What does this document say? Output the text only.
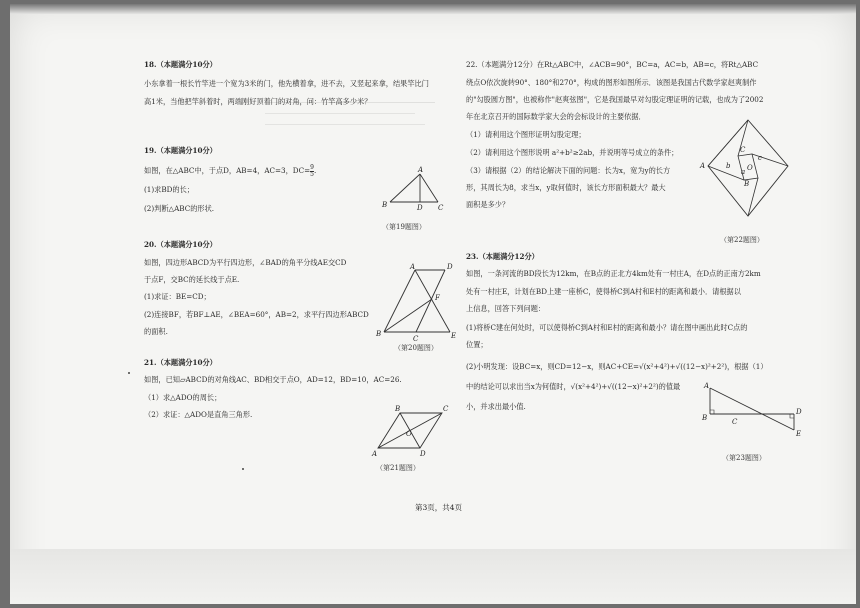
18.（本题满分10分）
小东拿着一根长竹竿进一个宽为3米的门，他先横着拿，进不去，又竖起来拿，结果竿比门
高1米，当他把竿斜着时，两端刚好顶着门的对角，问：竹竿高多少米？
19.（本题满分10分）
如图，在△ABC中，于点D，AB=4，AC=3，$DC= \frac{9}{5}$ .
(1)求BD的长；
(2)判断△ABC的形状.
A
B	D C
（第19题图）
20.（本题满分10分）
如图，四边形ABCD为平行四边形，∠BAD的角平分线AE交CD
于点F，交BC的延长线于点E.
(1)求证：BE=CD；
(2)连接BF，若BF⊥AE，∠BEA=60°，AB=2，求平行四边形ABCD
的面积.
A	D
F
B
C	E
（第20题图）
21.（本题满分10分）
如图，已知▱ABCD的对角线AC、BD相交于点O，AD=12，BD=10，AC=26.
（1）求△ADO的周长；
（2）求证：△ADO是直角三角形.
B	C
O
A	D
（第21题图）
22.（本题满分12分）在Rt△ABC中，∠ACB=90°，BC=a，AC=b，AB=c，将Rt△ABC
绕点O依次旋转90°、180°和270°，构成的图形如图所示．该图是我国古代数学家赵爽制作
的"勾股圆方图"，也被称作"赵爽弦图"，它是我国最早对勾股定理证明的记载，也成为了2002
年在北京召开的国际数学家大会的会标设计的主要依据．
（1）请利用这个图形证明勾股定理；
（2）请利用这个图形说明 a²+b²≥2ab，并说明等号成立的条件；
（3）请根据（2）的结论解决下面的问题：长为x，宽为y的长方
形，其周长为8，求当x，y取何值时，该长方形面积最大？最大
面积是多少？
C
c
O
A	b
a
B
（第22题图）
23.（本题满分12分）
如图，一条河流的BD段长为12km，在B点的正北方4km处有一村庄A，在D点的正南方2km
处有一村庄E，计划在BD上建一座桥C，使得桥C到A村和E村的距离和最小．请根据以
上信息，回答下列问题：
(1)将桥C建在何处时，可以使得桥C到A村和E村的距离和最小？请在图中画出此时C点的
位置；
(2)小明发现：设BC=x，则CD=12−x，则AC+CE=√(x²+4²)+√((12−x)²+2²)，根据（1）
中的结论可以求出当x为何值时，√(x²+4²)+√((12−x)²+2²)的值最
小，并求出最小值.
A
B	C
D
E
（第23题图）
第3页，共4页
